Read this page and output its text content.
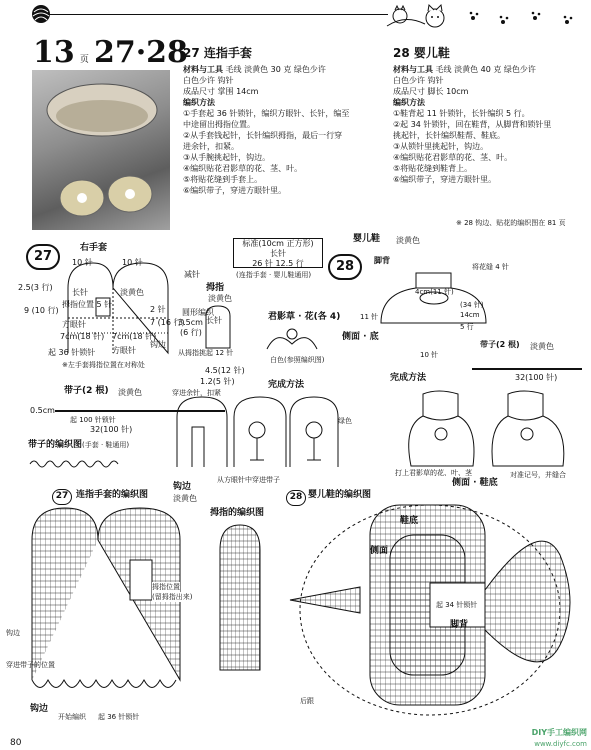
13 页 27·28
27 连指手套
材料与工具 毛线 淡黄色 30 克 绿色少许
白色少许 钩针
成品尺寸 掌围 14cm
编织方法
①手套起 36 针锁针，编织方眼针、长针，编至
中途留出拇指位置。
②从手套钱起针，长针编织拇指，最后一行穿
进余针，扣紧。
③从手腕挑起针，钩边。
④编织贴花君影草的花、茎、叶。
⑤将贴花缝到手套上。
⑥编织带子，穿进方眼针里。
28 婴儿鞋
材料与工具 毛线 淡黄色 40 克 绿色少许
白色少许 钩针
成品尺寸 脚长 10cm
编织方法
①鞋背起 11 针锁针，长针编织 5 行。
②起 34 针锁针，回在鞋背，从脚背和锁针里
挑起针，长针编织鞋帮、鞋底。
③从锁针里挑起针，钩边。
④编织贴花君影草的花、茎、叶。
⑤将贴花缝到鞋背上。
⑥编织带子，穿进方眼针里。
※ 28 钩边、贴花的编织图在 81 页
标准(10cm 正方形)
长针
26 针 12.5 行
(连指手套 · 婴儿鞋通用)
27
右手套
2.5(3 行)
10 针	10 针
减针
淡黄色
长针
9 (10 行)
拇指位置 5 针
2 针
7 (16 行)
圆形编织
方眼针
7cm(18 针) 7cm(18 针)
钩边
方眼针
起 36 针锁针
※左手套拇指位置在对称处
带子(2 根) 淡黄色
0.5cm
起 100 针锁针
32(100 针)
带子的编织图(手套 · 鞋通用)
拇指
淡黄色
3.5cm
(6 行)
长针
从拇指挑起 12 针
4.5(12 针)
1.2(5 针)
穿进余针，扣紧
君影草 · 花(各 4)
白色(参照编织图)
完成方法
从方眼针中穿进带子
绿色
28
婴儿鞋 淡黄色
脚背
将花缝 4 针
4cm(11 针)
(34 针)
14cm
11 针
5 行
侧面 · 底
10 针
带子(2 根) 淡黄色
32(100 针)
完成方法
打上君影草的花、叶、茎	对准记号，并缝合
侧面 · 鞋底
27 连指手套的编织图
钩边
淡黄色
拇指的编织图
拇指位置
(留拇指出来)
钩边
穿进带子的位置
钩边
开始编织 起 36 针锁针
28 婴儿鞋的编织图
鞋底
侧面
脚背
起 34 针锁针
后跟
80
DIY手工编织网
www.diyfc.com
